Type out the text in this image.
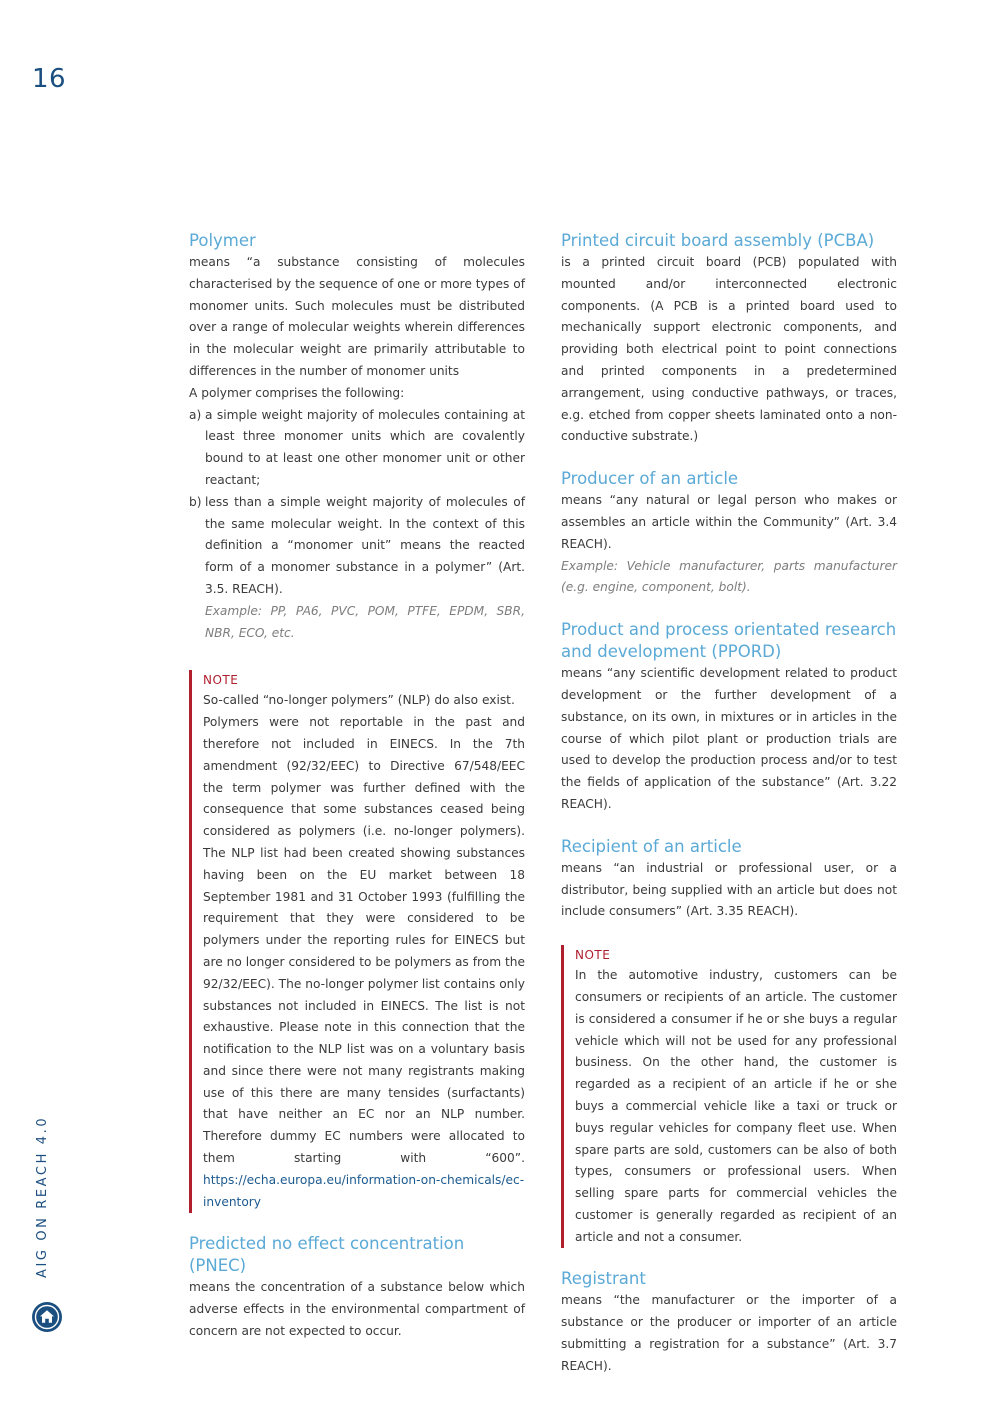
16
AIG ON REACH 4.0
Polymer

means “a substance consisting of molecules characterised by the sequence of one or more types of monomer units. Such molecules must be distributed over a range of molecular weights wherein differences in the molecular weight are primarily attributable to differences in the number of monomer units

A polymer comprises the following:

a) a simple weight majority of molecules containing at least three monomer units which are covalently bound to at least one other monomer unit or other reactant;

b) less than a simple weight majority of molecules of the same molecular weight. In the context of this definition a “monomer unit” means the reacted form of a monomer substance in a polymer” (Art. 3.5. REACH).

Example: PP, PA6, PVC, POM, PTFE, EPDM, SBR, NBR, ECO, etc.

NOTE

So-called “no-longer polymers” (NLP) do also exist.

Polymers were not reportable in the past and therefore not included in EINECS. In the 7th amendment (92/32/EEC) to Directive 67/548/EEC the term polymer was further defined with the consequence that some substances ceased being considered as polymers (i.e. no-longer polymers). The NLP list had been created showing substances having been on the EU market between 18 September 1981 and 31 October 1993 (fulfilling the requirement that they were considered to be polymers under the reporting rules for EINECS but are no longer considered to be polymers as from the 92/32/EEC). The no-longer polymer list contains only substances not included in EINECS. The list is not exhaustive. Please note in this connection that the notification to the NLP list was on a voluntary basis and since there were not many registrants making use of this there are many tensides (surfactants) that have neither an EC nor an NLP number. Therefore dummy EC numbers were allocated to them starting with “600”. https://echa.europa.eu/information-on-chemicals/ec-inventory

Predicted no effect concentration (PNEC)

means the concentration of a substance below which adverse effects in the environmental compartment of concern are not expected to occur.

Printed circuit board assembly (PCBA)

is a printed circuit board (PCB) populated with mounted and/or interconnected electronic components. (A PCB is a printed board used to mechanically support electronic components, and providing both electrical point to point connections and printed components in a predetermined arrangement, using conductive pathways, or traces, e.g. etched from copper sheets laminated onto a non-conductive substrate.)

Producer of an article

means “any natural or legal person who makes or assembles an article within the Community” (Art. 3.4 REACH).

Example: Vehicle manufacturer, parts manufacturer (e.g. engine, component, bolt).

Product and process orientated research and development (PPORD)

means “any scientific development related to product development or the further development of a substance, on its own, in mixtures or in articles in the course of which pilot plant or production trials are used to develop the production process and/or to test the fields of application of the substance” (Art. 3.22 REACH).

Recipient of an article

means “an industrial or professional user, or a distributor, being supplied with an article but does not include consumers” (Art. 3.35 REACH).

NOTE

In the automotive industry, customers can be consumers or recipients of an article. The customer is considered a consumer if he or she buys a regular vehicle which will not be used for any professional business. On the other hand, the customer is regarded as a recipient of an article if he or she buys a commercial vehicle like a taxi or truck or buys regular vehicles for company fleet use. When spare parts are sold, customers can be also of both types, consumers or professional users. When selling spare parts for commercial vehicles the customer is generally regarded as recipient of an article and not a consumer.

Registrant

means “the manufacturer or the importer of a substance or the producer or importer of an article submitting a registration for a substance” (Art. 3.7 REACH).
